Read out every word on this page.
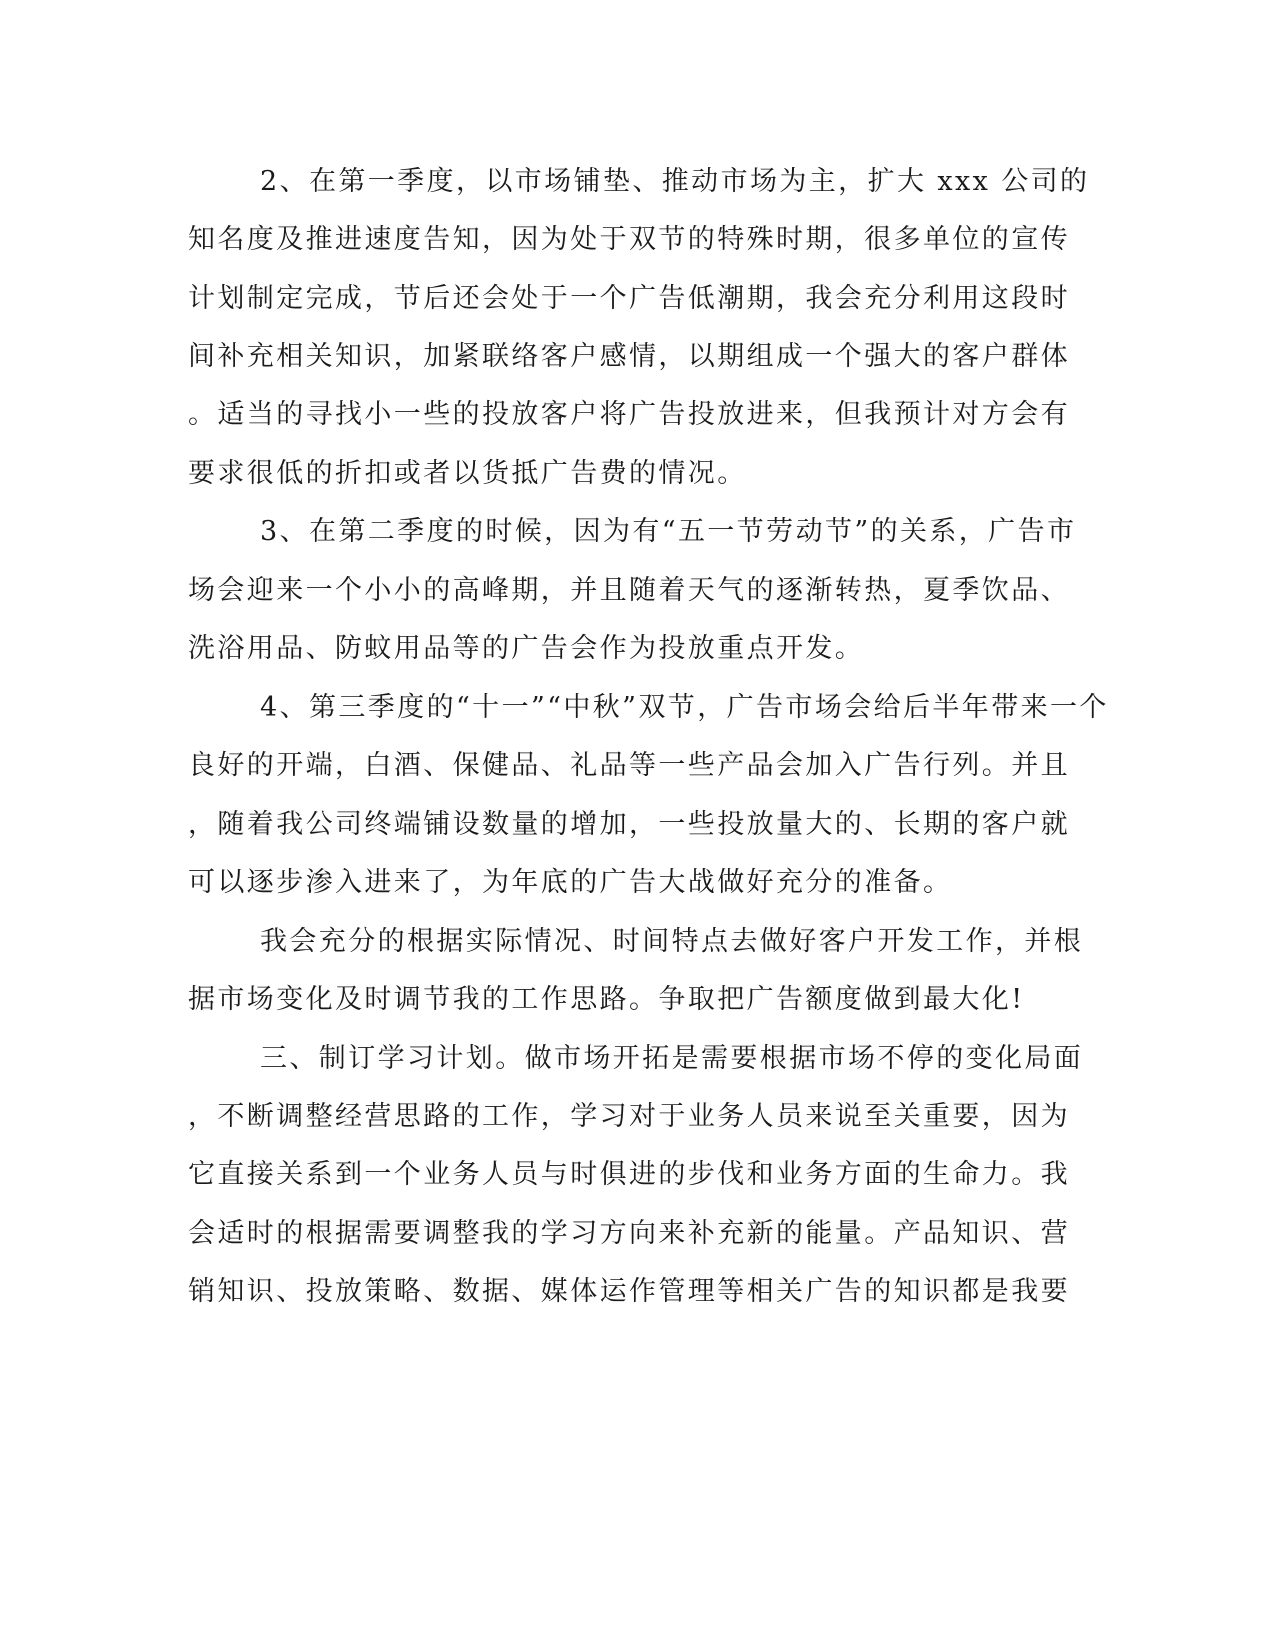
2、在第一季度，以市场铺垫、推动市场为主，扩大 xxx 公司的
知名度及推进速度告知，因为处于双节的特殊时期，很多单位的宣传
计划制定完成，节后还会处于一个广告低潮期，我会充分利用这段时
间补充相关知识，加紧联络客户感情，以期组成一个强大的客户群体
。适当的寻找小一些的投放客户将广告投放进来，但我预计对方会有
要求很低的折扣或者以货抵广告费的情况。
3、在第二季度的时候，因为有“五一节劳动节”的关系，广告市
场会迎来一个小小的高峰期，并且随着天气的逐渐转热，夏季饮品、
洗浴用品、防蚊用品等的广告会作为投放重点开发。
4、第三季度的“十一”“中秋”双节，广告市场会给后半年带来一个
良好的开端，白酒、保健品、礼品等一些产品会加入广告行列。并且
，随着我公司终端铺设数量的增加，一些投放量大的、长期的客户就
可以逐步渗入进来了，为年底的广告大战做好充分的准备。
我会充分的根据实际情况、时间特点去做好客户开发工作，并根
据市场变化及时调节我的工作思路。争取把广告额度做到最大化!
三、制订学习计划。做市场开拓是需要根据市场不停的变化局面
，不断调整经营思路的工作，学习对于业务人员来说至关重要，因为
它直接关系到一个业务人员与时俱进的步伐和业务方面的生命力。我
会适时的根据需要调整我的学习方向来补充新的能量。产品知识、营
销知识、投放策略、数据、媒体运作管理等相关广告的知识都是我要
